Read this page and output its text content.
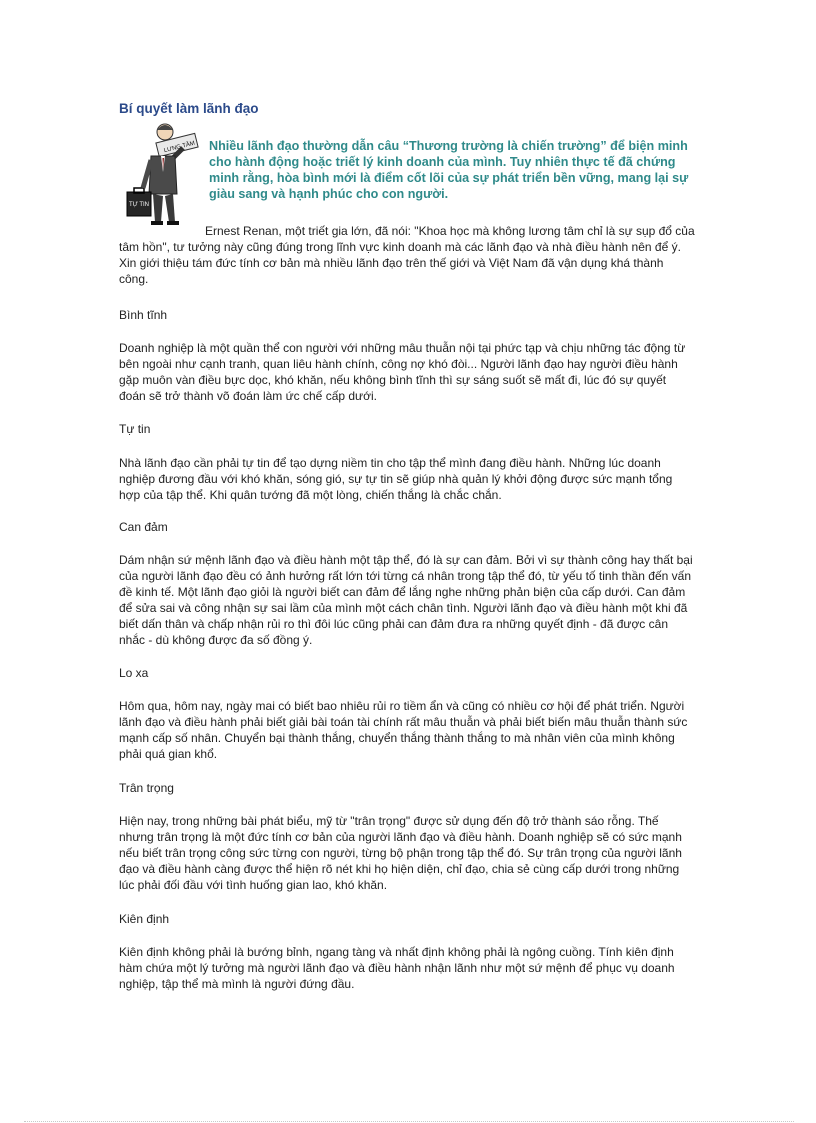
Bí quyết làm lãnh đạo
LƯNG TÂM
TỰ TIN
Nhiều lãnh đạo thường dẫn câu “Thương trường là chiến trường” để biện minh cho hành động hoặc triết lý kinh doanh của mình. Tuy nhiên thực tế đã chứng minh rằng, hòa bình mới là điểm cốt lõi của sự phát triển bền vững, mang lại sự giàu sang và hạnh phúc cho con người.
Ernest Renan, một triết gia lớn, đã nói: "Khoa học mà không lương tâm chỉ là sự sụp đổ của tâm hồn", tư tưởng này cũng đúng trong lĩnh vực kinh doanh mà các lãnh đạo và nhà điều hành nên để ý. Xin giới thiệu tám đức tính cơ bản mà nhiều lãnh đạo trên thế giới và Việt Nam đã vận dụng khá thành công.
Bình tĩnh
Doanh nghiệp là một quần thể con người với những mâu thuẫn nội tại phức tạp và chịu những tác động từ bên ngoài như cạnh tranh, quan liêu hành chính, công nợ khó đòi... Người lãnh đạo hay người điều hành gặp muôn vàn điều bực dọc, khó khăn, nếu không bình tĩnh thì sự sáng suốt sẽ mất đi, lúc đó sự quyết đoán sẽ trở thành võ đoán làm ức chế cấp dưới.
Tự tin
Nhà lãnh đạo cần phải tự tin để tạo dựng niềm tin cho tập thể mình đang điều hành. Những lúc doanh nghiệp đương đầu với khó khăn, sóng gió, sự tự tin sẽ giúp nhà quản lý khởi động được sức mạnh tổng hợp của tập thể. Khi quân tướng đã một lòng, chiến thắng là chắc chắn.
Can đảm
Dám nhận sứ mệnh lãnh đạo và điều hành một tập thể, đó là sự can đảm. Bởi vì sự thành công hay thất bại của người lãnh đạo đều có ảnh hưởng rất lớn tới từng cá nhân trong tập thể đó, từ yếu tố tinh thần đến vấn đề kinh tế. Một lãnh đạo giỏi là người biết can đảm để lắng nghe những phản biện của cấp dưới. Can đảm để sửa sai và công nhận sự sai lầm của mình một cách chân tình. Người lãnh đạo và điều hành một khi đã biết dấn thân và chấp nhận rủi ro thì đôi lúc cũng phải can đảm đưa ra những quyết định - đã được cân nhắc - dù không được đa số đồng ý.
Lo xa
Hôm qua, hôm nay, ngày mai có biết bao nhiêu rủi ro tiềm ẩn và cũng có nhiều cơ hội để phát triển. Người lãnh đạo và điều hành phải biết giải bài toán tài chính rất mâu thuẫn và phải biết biến mâu thuẫn thành sức mạnh cấp số nhân. Chuyển bại thành thắng, chuyển thắng thành thắng to mà nhân viên của mình không phải quá gian khổ.
Trân trọng
Hiện nay, trong những bài phát biểu, mỹ từ "trân trọng" được sử dụng đến độ trở thành sáo rỗng. Thế nhưng trân trọng là một đức tính cơ bản của người lãnh đạo và điều hành. Doanh nghiệp sẽ có sức mạnh nếu biết trân trọng công sức từng con người, từng bộ phận trong tập thể đó. Sự trân trọng của người lãnh đạo và điều hành càng được thể hiện rõ nét khi họ hiện diện, chỉ đạo, chia sẻ cùng cấp dưới trong những lúc phải đối đầu với tình huống gian lao, khó khăn.
Kiên định
Kiên định không phải là bướng bỉnh, ngang tàng và nhất định không phải là ngông cuồng. Tính kiên định hàm chứa một lý tưởng mà người lãnh đạo và điều hành nhận lãnh như một sứ mệnh để phục vụ doanh nghiệp, tập thể mà mình là người đứng đầu.
